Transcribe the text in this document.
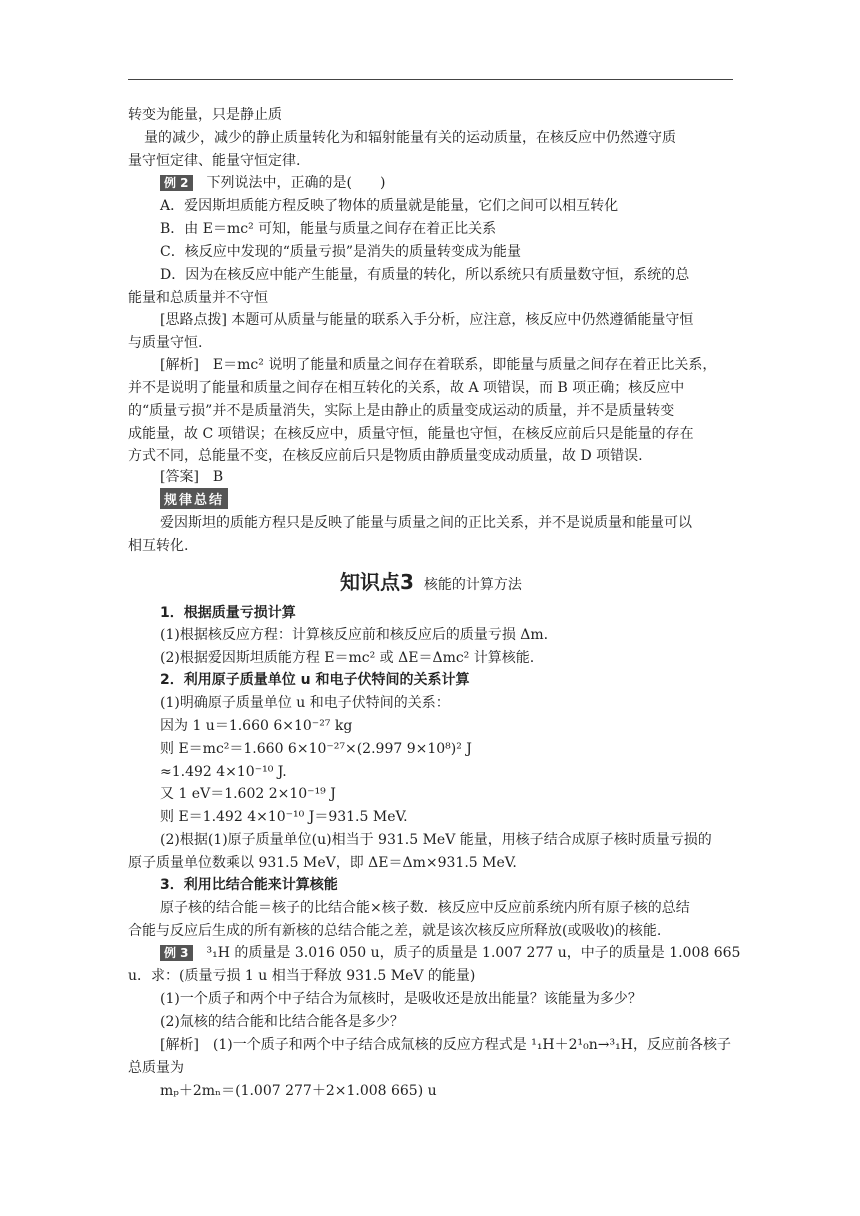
转变为能量，只是静止质
量的减少，减少的静止质量转化为和辐射能量有关的运动质量，在核反应中仍然遵守质
量守恒定律、能量守恒定律.
例 2 下列说法中，正确的是(　　)
A．爱因斯坦质能方程反映了物体的质量就是能量，它们之间可以相互转化
B．由 E＝mc² 可知，能量与质量之间存在着正比关系
C．核反应中发现的“质量亏损”是消失的质量转变成为能量
D．因为在核反应中能产生能量，有质量的转化，所以系统只有质量数守恒，系统的总
能量和总质量并不守恒
[思路点拨] 本题可从质量与能量的联系入手分析，应注意，核反应中仍然遵循能量守恒
与质量守恒.
[解析]　E＝mc² 说明了能量和质量之间存在着联系，即能量与质量之间存在着正比关系，
并不是说明了能量和质量之间存在相互转化的关系，故 A 项错误，而 B 项正确；核反应中
的“质量亏损”并不是质量消失，实际上是由静止的质量变成运动的质量，并不是质量转变
成能量，故 C 项错误；在核反应中，质量守恒，能量也守恒，在核反应前后只是能量的存在
方式不同，总能量不变，在核反应前后只是物质由静质量变成动质量，故 D 项错误.
[答案]　B
规律总结
爱因斯坦的质能方程只是反映了能量与质量之间的正比关系，并不是说质量和能量可以
相互转化.
知识点3 核能的计算方法
1．根据质量亏损计算
(1)根据核反应方程：计算核反应前和核反应后的质量亏损 Δm.
(2)根据爱因斯坦质能方程 E＝mc² 或 ΔE＝Δmc² 计算核能.
2．利用原子质量单位 u 和电子伏特间的关系计算
(1)明确原子质量单位 u 和电子伏特间的关系：
因为 1 u＝1.660 6×10⁻²⁷ kg
则 E＝mc²＝1.660 6×10⁻²⁷×(2.997 9×10⁸)² J
≈1.492 4×10⁻¹⁰ J.
又 1 eV＝1.602 2×10⁻¹⁹ J
则 E＝1.492 4×10⁻¹⁰ J＝931.5 MeV.
(2)根据(1)原子质量单位(u)相当于 931.5 MeV 能量，用核子结合成原子核时质量亏损的
原子质量单位数乘以 931.5 MeV，即 ΔE＝Δm×931.5 MeV.
3．利用比结合能来计算核能
原子核的结合能＝核子的比结合能×核子数．核反应中反应前系统内所有原子核的总结
合能与反应后生成的所有新核的总结合能之差，就是该次核反应所释放(或吸收)的核能.
例 3 ³₁H 的质量是 3.016 050 u，质子的质量是 1.007 277 u，中子的质量是 1.008 665
u．求：(质量亏损 1 u 相当于释放 931.5 MeV 的能量)
(1)一个质子和两个中子结合为氚核时，是吸收还是放出能量？该能量为多少？
(2)氚核的结合能和比结合能各是多少？
[解析]　(1)一个质子和两个中子结合成氚核的反应方程式是 ¹₁H＋2¹₀n→³₁H，反应前各核子
总质量为
mₚ＋2mₙ＝(1.007 277＋2×1.008 665) u
